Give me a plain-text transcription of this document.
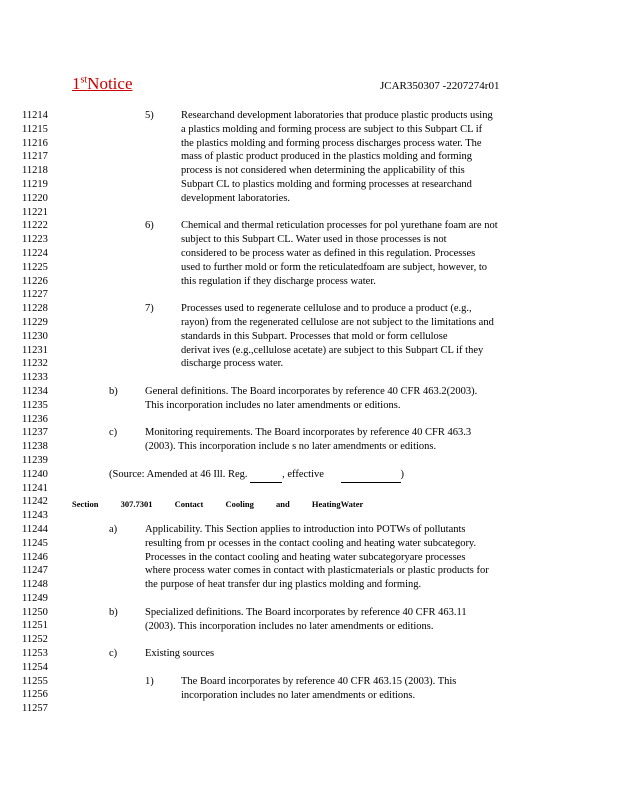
1stNotice	JCAR350307 -2207274r01
11214
11215
11216
11217
11218
11219
11220
11221
11222
11223
11224
11225
11226
11227
11228
11229
11230
11231
11232
11233
11234
11235
11236
11237
11238
11239
11240
11241
11242
11243
11244
11245
11246
11247
11248
11249
11250
11251
11252
11253
11254
11255
11256
11257
5)	Researchand development laboratories that produce plastic products using
a plastics molding and forming process are subject to this Subpart CL if
the plastics molding and forming process discharges process water. The
mass of plastic product produced in the plastics molding and forming
process is not considered when determining the applicability of this
Subpart CL to plastics molding and forming processes at researchand
development laboratories.
6)	Chemical and thermal reticulation processes for pol yurethane foam are not
subject to this Subpart CL. Water used in those processes is not
considered to be process water as defined in this regulation. Processes
used to further mold or form the reticulatedfoam are subject, however, to
this regulation if they discharge process water.
7)	Processes used to regenerate cellulose and to produce a product (e.g.,
rayon) from the regenerated cellulose are not subject to the limitations and
standards in this Subpart. Processes that mold or form cellulose
derivat ives (e.g.,cellulose acetate) are subject to this Subpart CL if they
discharge process water.
b)	General definitions. The Board incorporates by reference 40 CFR 463.2(2003).
This incorporation includes no later amendments or editions.
c)	Monitoring requirements. The Board incorporates by reference 40 CFR 463.3
(2003). This incorporation include s no later amendments or editions.
(Source: Amended at 46 Ill. Reg.	, effective	)
Section	307.7301	Contact	Cooling	and	HeatingWater
a)	Applicability. This Section applies to introduction into POTWs of pollutants
resulting from pr ocesses in the contact cooling and heating water subcategory.
Processes in the contact cooling and heating water subcategoryare processes
where process water comes in contact with plasticmaterials or plastic products for
the purpose of heat transfer dur ing plastics molding and forming.
b)	Specialized definitions. The Board incorporates by reference 40 CFR 463.11
(2003). This incorporation includes no later amendments or editions.
c)	Existing sources
1)	The Board incorporates by reference 40 CFR 463.15 (2003). This
incorporation includes no later amendments or editions.
